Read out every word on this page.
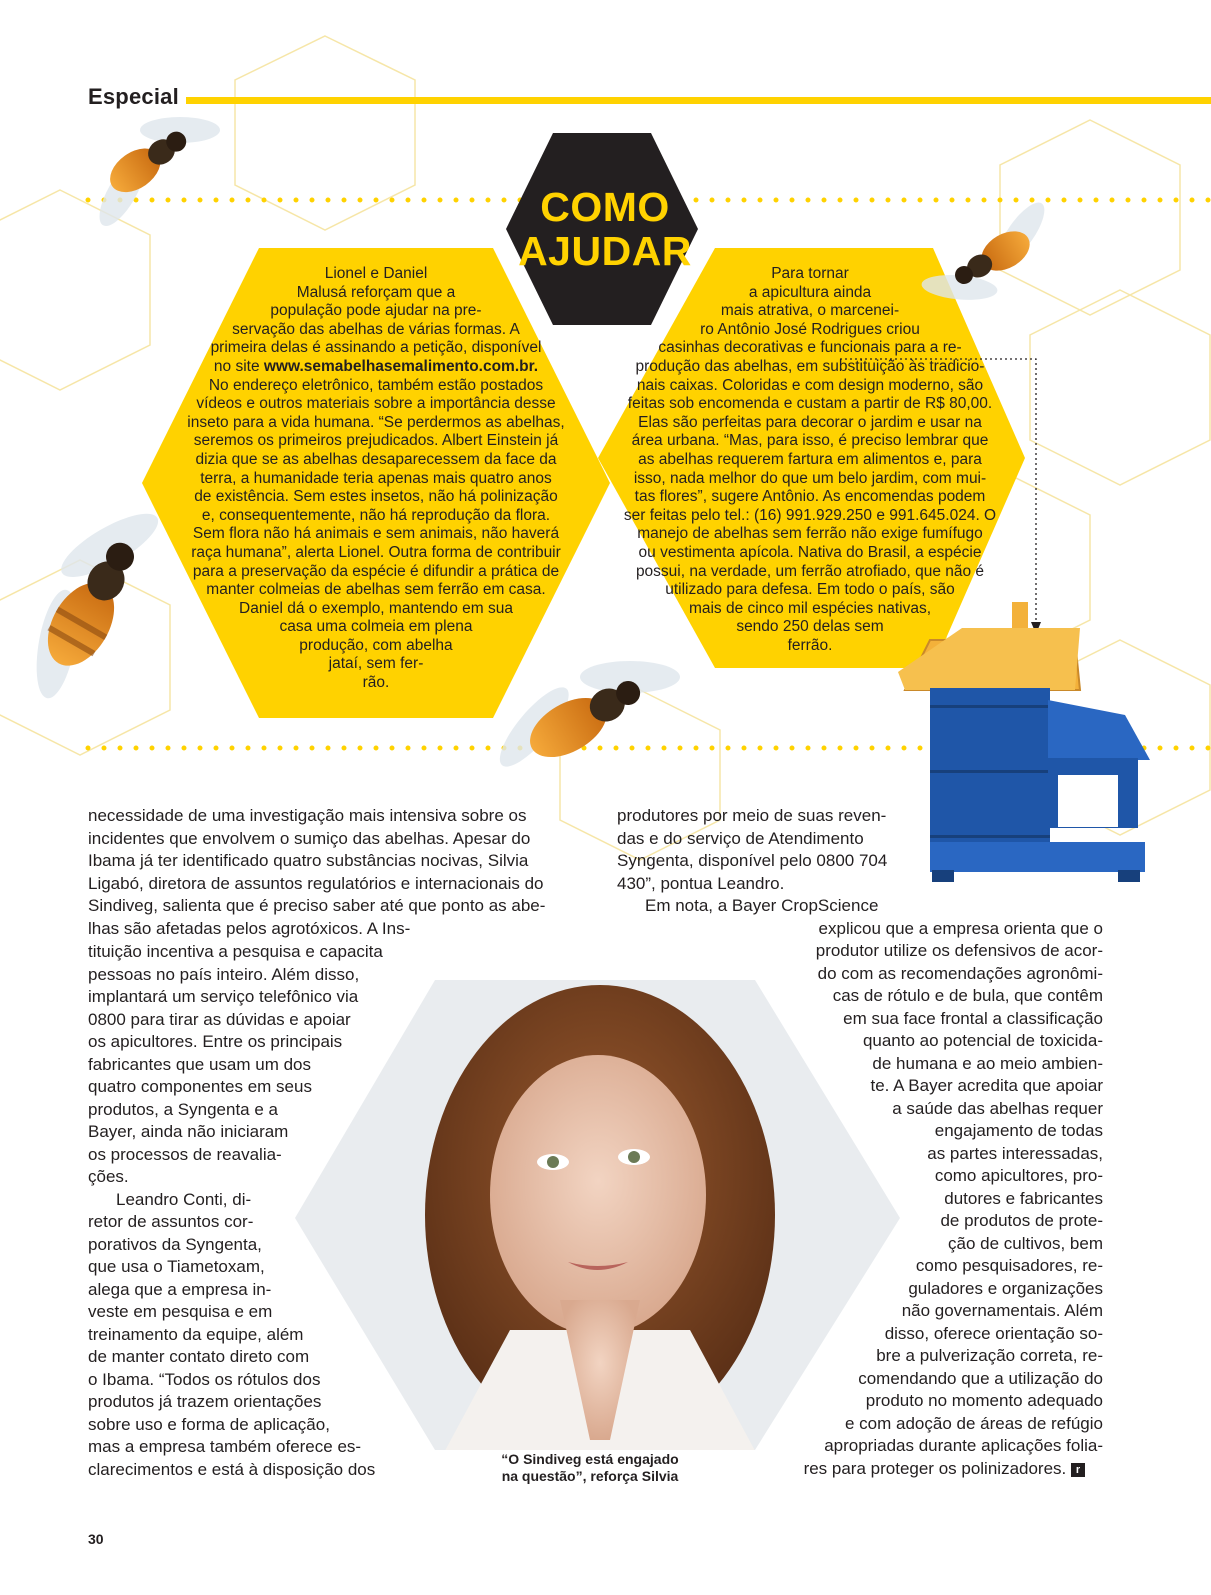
Especial
COMO
AJUDAR

Lionel e Daniel
Malusá reforçam que a
população pode ajudar na pre-
servação das abelhas de várias formas. A
primeira delas é assinando a petição, disponível
no site www.semabelhasemalimento.com.br.
No endereço eletrônico, também estão postados
vídeos e outros materiais sobre a importância desse
inseto para a vida humana. “Se perdermos as abelhas,
seremos os primeiros prejudicados. Albert Einstein já
dizia que se as abelhas desaparecessem da face da
terra, a humanidade teria apenas mais quatro anos
de existência. Sem estes insetos, não há polinização
e, consequentemente, não há reprodução da flora.
Sem flora não há animais e sem animais, não haverá
raça humana”, alerta Lionel. Outra forma de contribuir
para a preservação da espécie é difundir a prática de
manter colmeias de abelhas sem ferrão em casa.
Daniel dá o exemplo, mantendo em sua
casa uma colmeia em plena
produção, com abelha
jataí, sem fer-
rão.

Para tornar
a apicultura ainda
mais atrativa, o marcenei-
ro Antônio José Rodrigues criou
casinhas decorativas e funcionais para a re-
produção das abelhas, em substituição às tradicio-
nais caixas. Coloridas e com design moderno, são
feitas sob encomenda e custam a partir de R$ 80,00.
Elas são perfeitas para decorar o jardim e usar na
área urbana. “Mas, para isso, é preciso lembrar que
as abelhas requerem fartura em alimentos e, para
isso, nada melhor do que um belo jardim, com mui-
tas flores”, sugere Antônio. As encomendas podem
ser feitas pelo tel.: (16) 991.929.250 e 991.645.024. O
manejo de abelhas sem ferrão não exige fumífugo
ou vestimenta apícola. Nativa do Brasil, a espécie
possui, na verdade, um ferrão atrofiado, que não é
utilizado para defesa. Em todo o país, são
mais de cinco mil espécies nativas,
sendo 250 delas sem
ferrão.

necessidade de uma investigação mais intensiva sobre os
incidentes que envolvem o sumiço das abelhas. Apesar do
Ibama já ter identificado quatro substâncias nocivas, Silvia
Ligabó, diretora de assuntos regulatórios e internacionais do
Sindiveg, salienta que é preciso saber até que ponto as abe-
lhas são afetadas pelos agrotóxicos. A Ins-

tituição incentiva a pesquisa e capacita
pessoas no país inteiro. Além disso,
implantará um serviço telefônico via
0800 para tirar as dúvidas e apoiar
os apicultores. Entre os principais
fabricantes que usam um dos
quatro componentes em seus
produtos, a Syngenta e a
Bayer, ainda não iniciaram
os processos de reavalia-
ções.
Leandro Conti, di-
retor de assuntos cor-
porativos da Syngenta,
que usa o Tiametoxam,
alega que a empresa in-
veste em pesquisa e em
treinamento da equipe, além
de manter contato direto com
o Ibama. “Todos os rótulos dos
produtos já trazem orientações
sobre uso e forma de aplicação,
mas a empresa também oferece es-
clarecimentos e está à disposição dos
produtores por meio de suas reven-
das e do serviço de Atendimento
Syngenta, disponível pelo 0800 704
430”, pontua Leandro.
Em nota, a Bayer CropScience
explicou que a empresa orienta que o
produtor utilize os defensivos de acor-
do com as recomendações agronômi-
cas de rótulo e de bula, que contêm
em sua face frontal a classificação
quanto ao potencial de toxicida-
de humana e ao meio ambien-
te. A Bayer acredita que apoiar
a saúde das abelhas requer
engajamento de todas
as partes interessadas,
como apicultores, pro-
dutores e fabricantes
de produtos de prote-
ção de cultivos, bem
como pesquisadores, re-
guladores e organizações
não governamentais. Além
disso, oferece orientação so-
bre a pulverização correta, re-
comendando que a utilização do
produto no momento adequado
e com adoção de áreas de refúgio
apropriadas durante aplicações folia-
res para proteger os polinizadores. r
“O Sindiveg está engajado
na questão”, reforça Silvia
30
